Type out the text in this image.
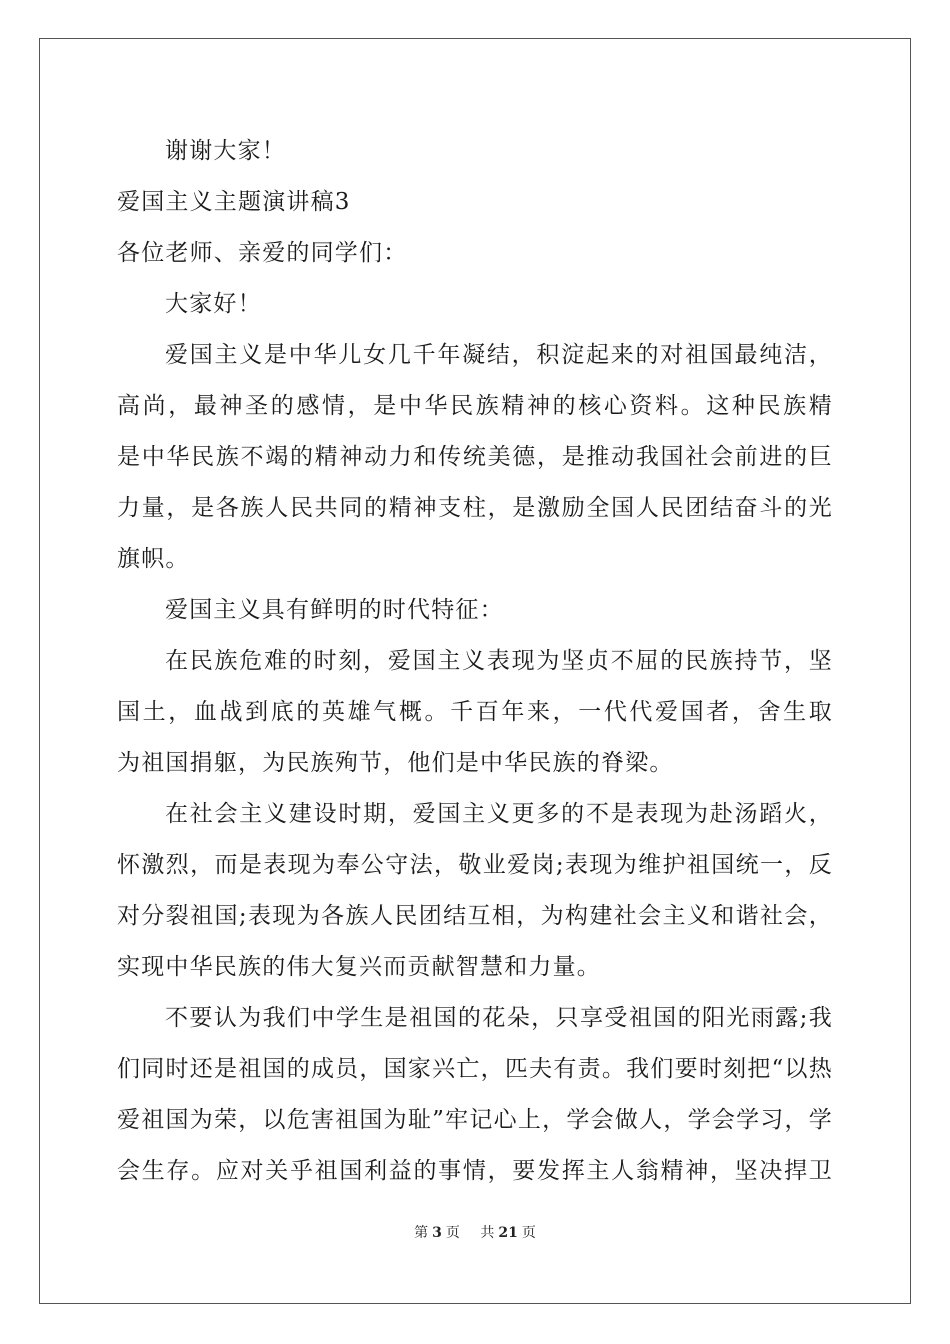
谢谢大家！
爱国主义主题演讲稿3
各位老师、亲爱的同学们：
大家好！
爱国主义是中华儿女几千年凝结，积淀起来的对祖国最纯洁，
高尚，最神圣的感情，是中华民族精神的核心资料。这种民族精
是中华民族不竭的精神动力和传统美德，是推动我国社会前进的巨
力量，是各族人民共同的精神支柱，是激励全国人民团结奋斗的光
旗帜。
爱国主义具有鲜明的时代特征：
在民族危难的时刻，爱国主义表现为坚贞不屈的民族持节，坚
国土，血战到底的英雄气概。千百年来，一代代爱国者，舍生取
为祖国捐躯，为民族殉节，他们是中华民族的脊梁。
在社会主义建设时期，爱国主义更多的不是表现为赴汤蹈火，
怀激烈，而是表现为奉公守法，敬业爱岗;表现为维护祖国统一，反
对分裂祖国;表现为各族人民团结互相，为构建社会主义和谐社会，
实现中华民族的伟大复兴而贡献智慧和力量。
不要认为我们中学生是祖国的花朵，只享受祖国的阳光雨露;我
们同时还是祖国的成员，国家兴亡，匹夫有责。我们要时刻把“以热
爱祖国为荣，以危害祖国为耻”牢记心上，学会做人，学会学习，学
会生存。应对关乎祖国利益的事情，要发挥主人翁精神，坚决捍卫
第 3 页 共 21 页
